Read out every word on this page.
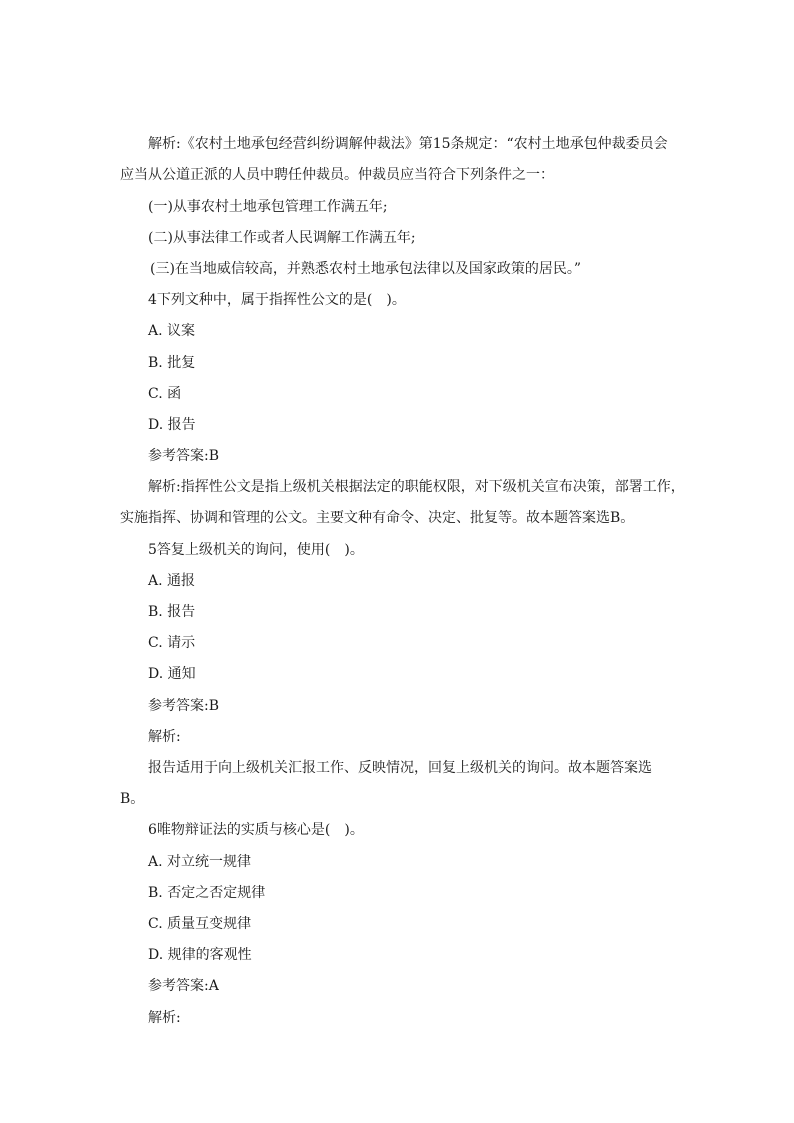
解析:《农村土地承包经营纠纷调解仲裁法》第15条规定：“农村土地承包仲裁委员会

应当从公道正派的人员中聘任仲裁员。仲裁员应当符合下列条件之一：

(一)从事农村土地承包管理工作满五年;

(二)从事法律工作或者人民调解工作满五年;

(三)在当地威信较高，并熟悉农村土地承包法律以及国家政策的居民。”

4下列文种中，属于指挥性公文的是(　)。

A. 议案

B. 批复

C. 函

D. 报告

参考答案:B

解析:指挥性公文是指上级机关根据法定的职能权限，对下级机关宣布决策，部署工作，

实施指挥、协调和管理的公文。主要文种有命令、决定、批复等。故本题答案选B。

5答复上级机关的询问，使用(　)。

A. 通报

B. 报告

C. 请示

D. 通知

参考答案:B

解析:

报告适用于向上级机关汇报工作、反映情况，回复上级机关的询问。故本题答案选

B。

6唯物辩证法的实质与核心是(　)。

A. 对立统一规律

B. 否定之否定规律

C. 质量互变规律

D. 规律的客观性

参考答案:A

解析:
